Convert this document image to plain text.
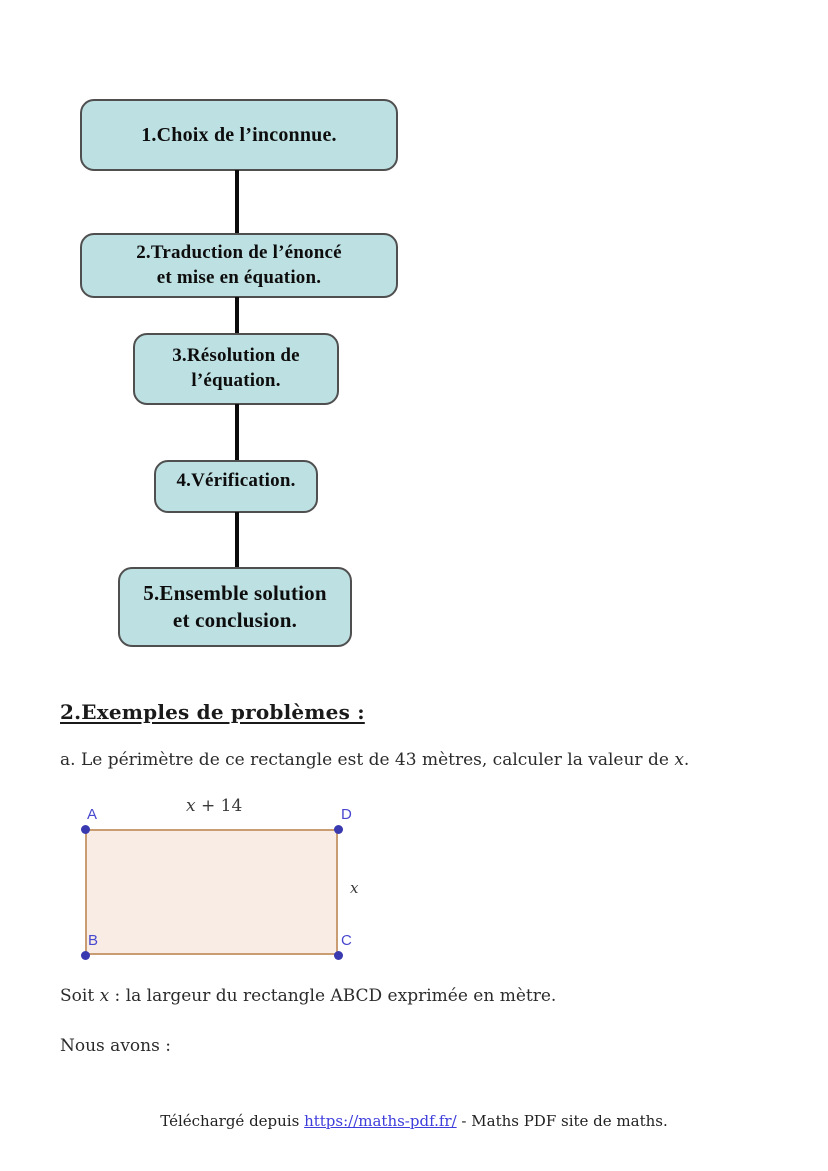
1.Choix de l’inconnue.
2.Traduction de l’énoncé
et mise en équation.
3.Résolution de
l’équation.
4.Vérification.
5.Ensemble solution
et conclusion.
2.Exemples de problèmes :
a. Le périmètre de ce rectangle est de 43 mètres, calculer la valeur de x.
A	D
B	C
x + 14
x
Soit x : la largeur du rectangle ABCD exprimée en mètre.
Nous avons :
Téléchargé depuis https://maths-pdf.fr/ - Maths PDF site de maths.
